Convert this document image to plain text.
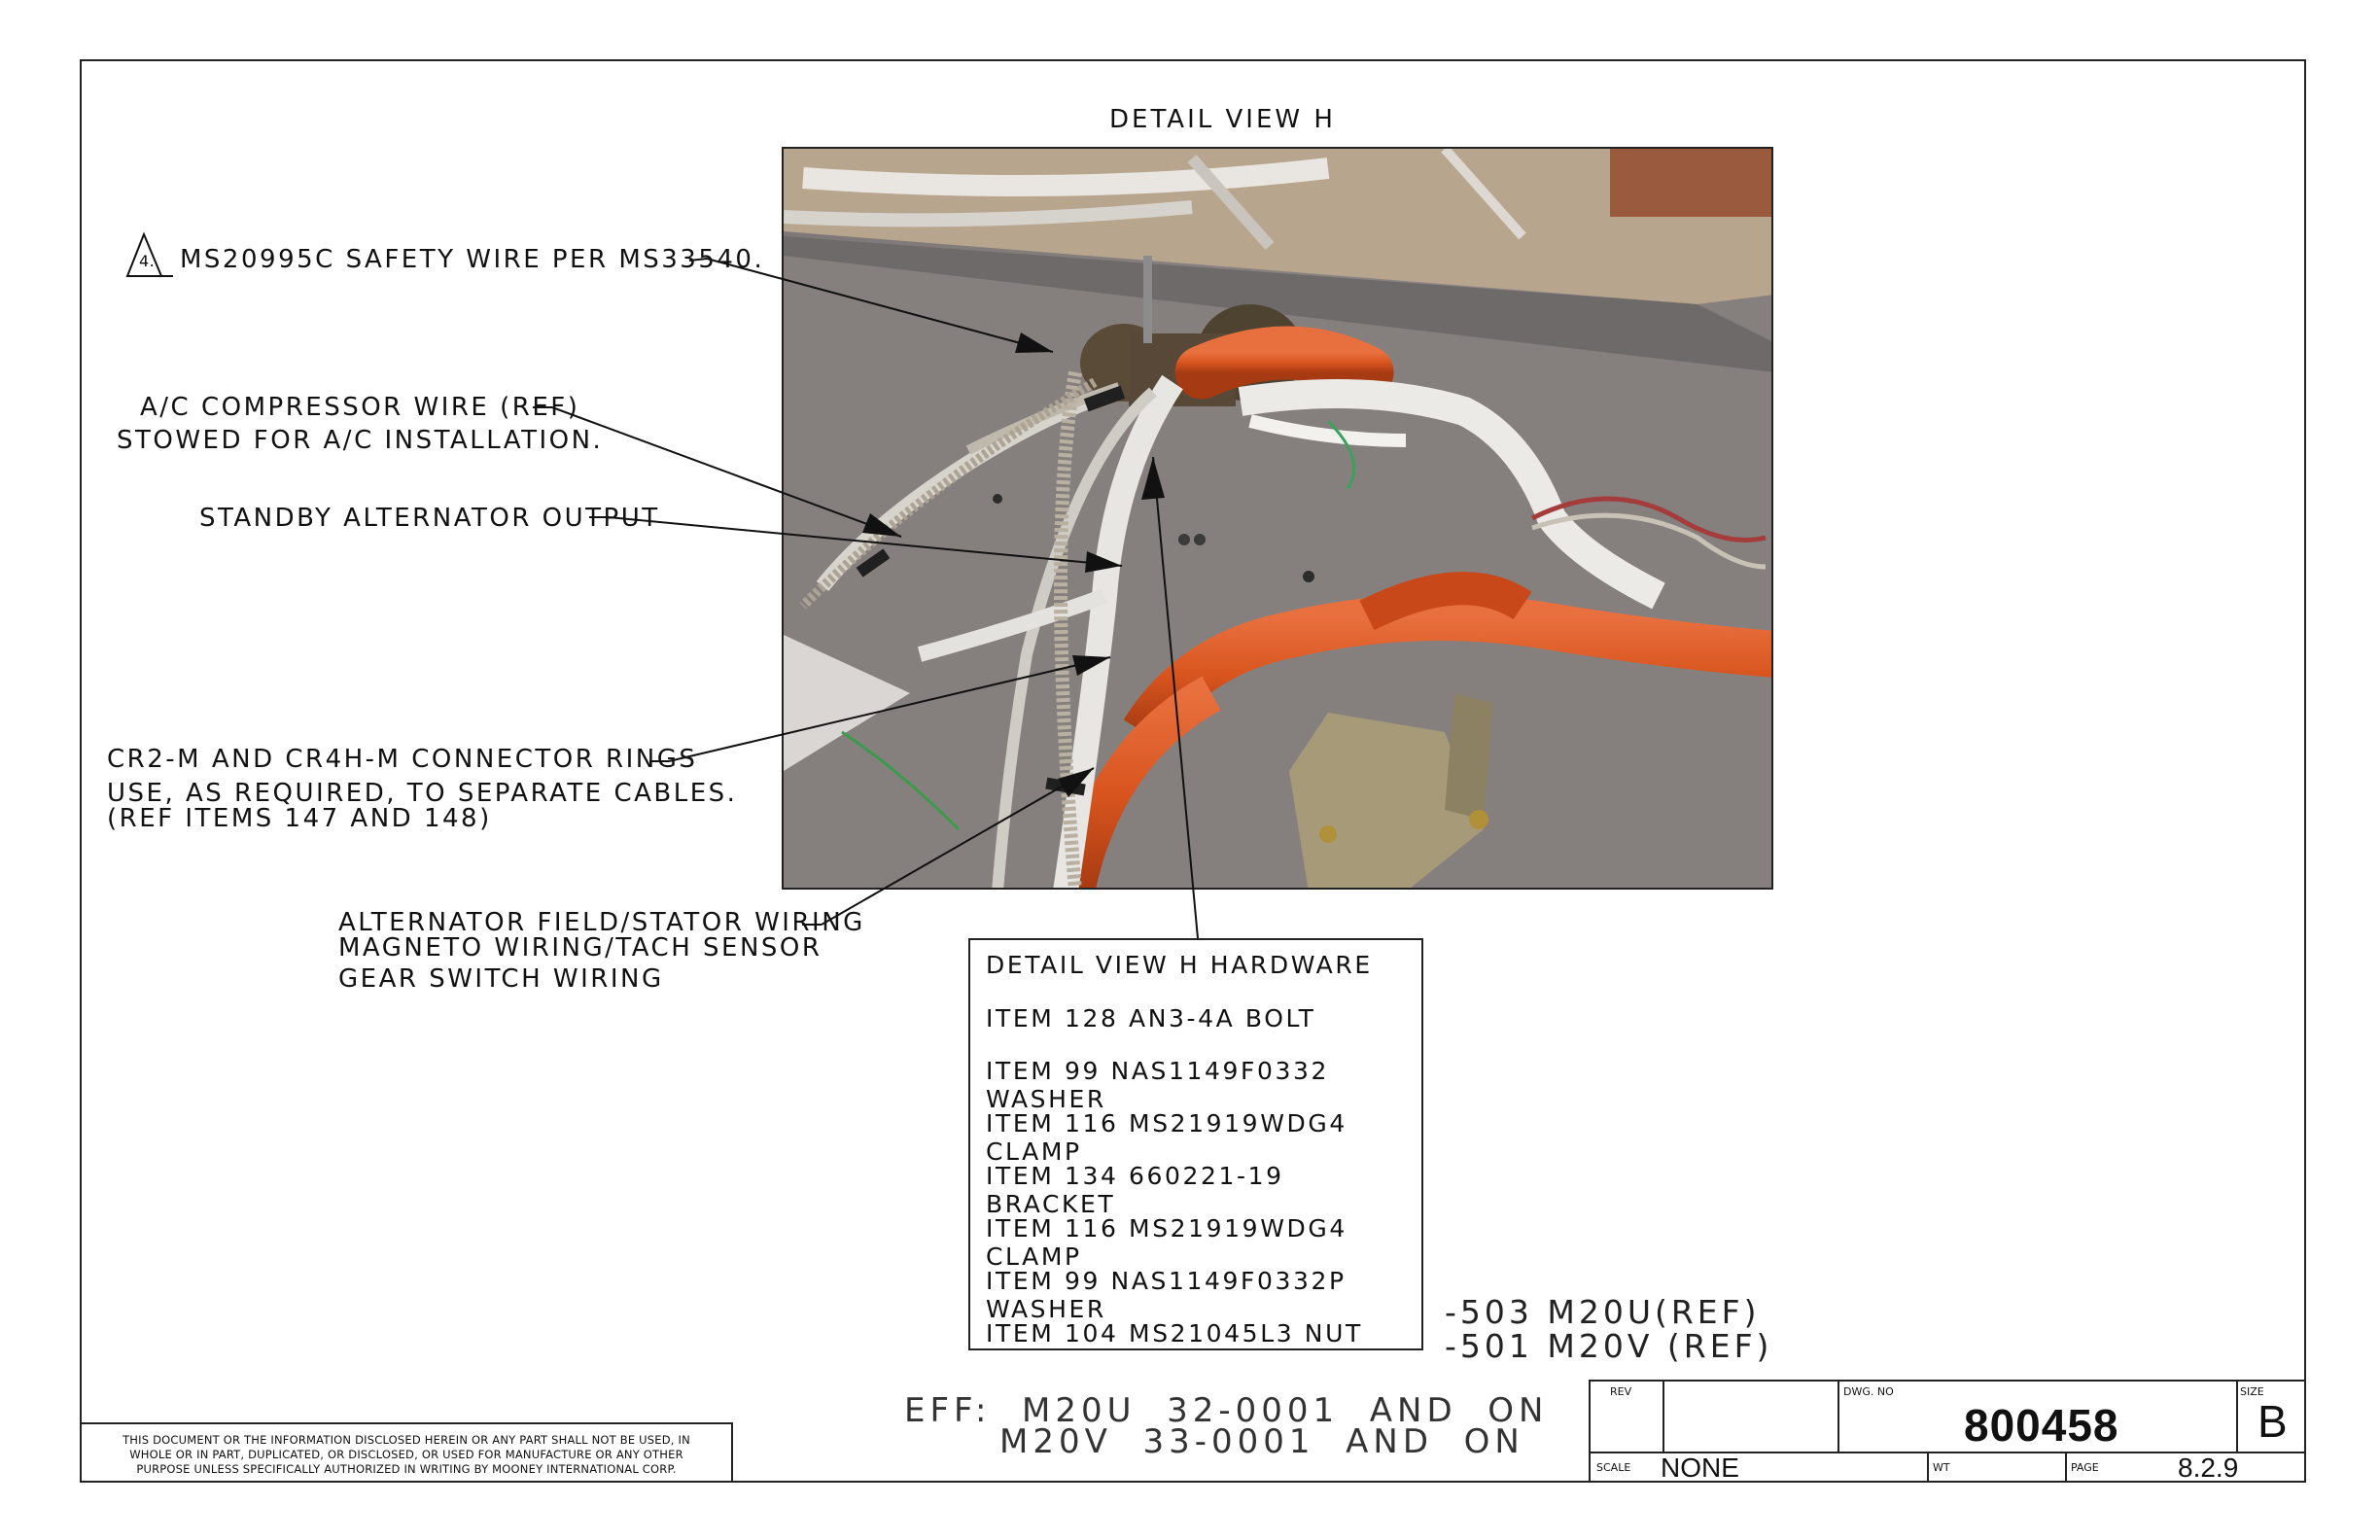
DETAIL VIEW H
4. MS20995C SAFETY WIRE PER MS33540.
A/C COMPRESSOR WIRE (REF)
STOWED FOR A/C INSTALLATION.
STANDBY ALTERNATOR OUTPUT
CR2-M AND CR4H-M CONNECTOR RINGS
USE, AS REQUIRED, TO SEPARATE CABLES.
(REF ITEMS 147 AND 148)
ALTERNATOR FIELD/STATOR WIRING
MAGNETO WIRING/TACH SENSOR
GEAR SWITCH WIRING	DETAIL VIEW H HARDWARE
ITEM 128 AN3-4A BOLT
ITEM 99 NAS1149F0332 WASHER
ITEM 116 MS21919WDG4 CLAMP
ITEM 134 660221-19 BRACKET
ITEM 116 MS21919WDG4 CLAMP
ITEM 99 NAS1149F0332P WASHER
ITEM 104 MS21045L3 NUT
-503 M20U(REF)
-501 M20V (REF)
EFF:  M20U  32-0001  AND  ON
M20V  33-0001  AND  ON
THIS DOCUMENT OR THE INFORMATION DISCLOSED HEREIN OR ANY PART SHALL NOT BE USED, IN
WHOLE OR IN PART, DUPLICATED, OR DISCLOSED, OR USED FOR MANUFACTURE OR ANY OTHER
PURPOSE UNLESS SPECIFICALLY AUTHORIZED IN WRITING BY MOONEY INTERNATIONAL CORP.
REV	DWG. NO
800458
SIZE
B
SCALE NONE	WT	PAGE	8.2.9
